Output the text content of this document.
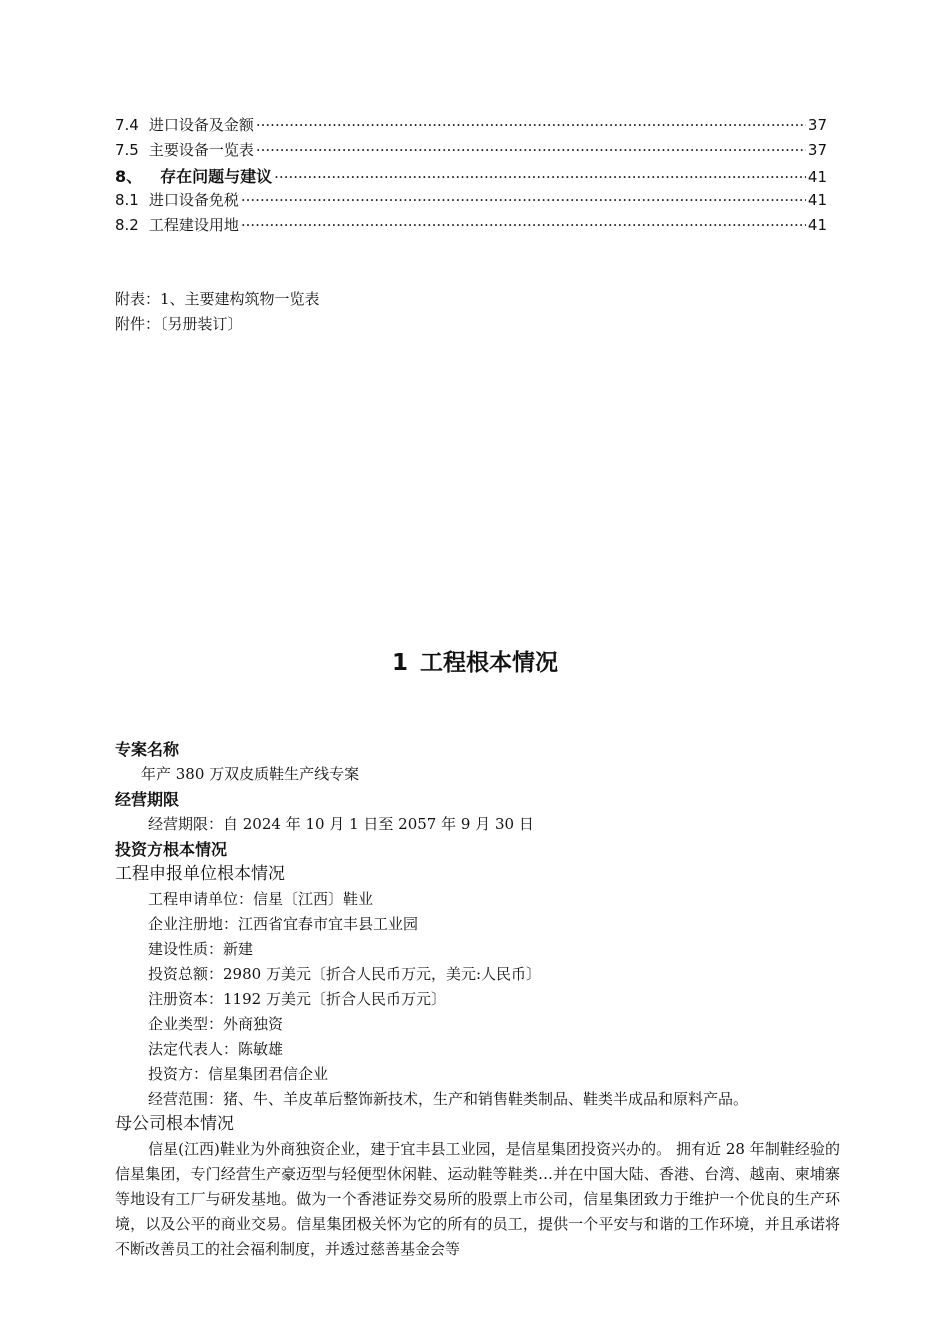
7.4 进口设备及金额 ·····	37
7.5 主要设备一览表 ·····	37
8、 存在问题与建议 ·····	41
8.1 进口设备免税 ·····	41
8.2 工程建设用地 ·····	41
附表：1、主要建构筑物一览表
附件：〔另册装订〕
1 工程根本情况
专案名称
年产 380 万双皮质鞋生产线专案
经营期限
经营期限：自 2024 年 10 月 1 日至 2057 年 9 月 30 日
投资方根本情况
工程申报单位根本情况
工程申请单位：信星〔江西〕鞋业
企业注册地：江西省宜春市宜丰县工业园
建设性质：新建
投资总额：2980 万美元〔折合人民币万元，美元:人民币〕
注册资本：1192 万美元〔折合人民币万元〕
企业类型：外商独资
法定代表人：陈敏雄
投资方：信星集团君信企业
经营范围：猪、牛、羊皮革后整饰新技术，生产和销售鞋类制品、鞋类半成品和原料产品。
母公司根本情况
信星(江西)鞋业为外商独资企业，建于宜丰县工业园，是信星集团投资兴办的。 拥有近 28 年制鞋经验的信星集团，专门经营生产豪迈型与轻便型休闲鞋、运动鞋等鞋类…并在中国大陆、香港、台湾、越南、柬埔寨等地设有工厂与研发基地。做为一个香港证券交易所的股票上市公司，信星集团致力于维护一个优良的生产环境，以及公平的商业交易。信星集团极关怀为它的所有的员工，提供一个平安与和谐的工作环境，并且承诺将不断改善员工的社会福利制度，并透过慈善基金会等
